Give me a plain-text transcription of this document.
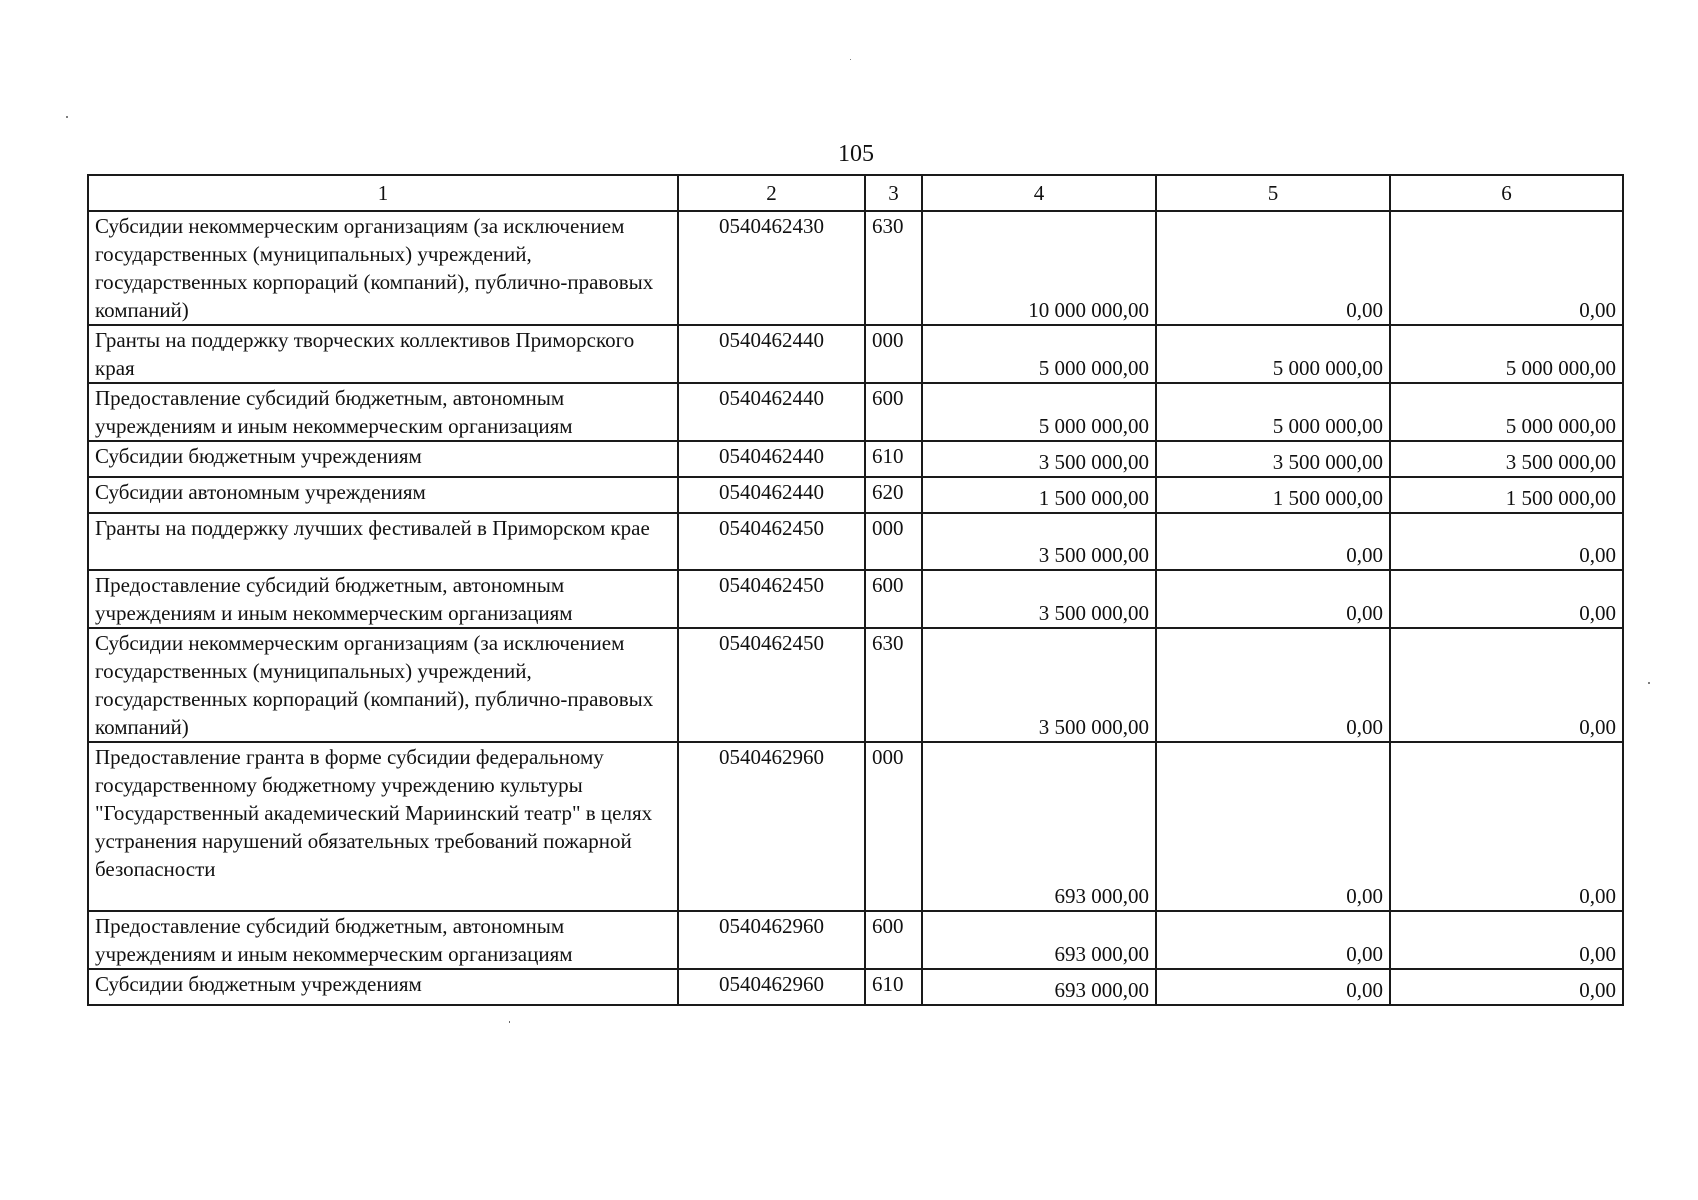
105
1	2	3	4	5	6
Субсидии некоммерческим организациям (за исключением государственных (муниципальных) учреждений, государственных корпораций (компаний), публично-правовых компаний)	0540462430	630	10 000 000,00	0,00	0,00
Гранты на поддержку творческих коллективов Приморского края	0540462440	000	5 000 000,00	5 000 000,00	5 000 000,00
Предоставление субсидий бюджетным, автономным учреждениям и иным некоммерческим организациям	0540462440	600	5 000 000,00	5 000 000,00	5 000 000,00
Субсидии бюджетным учреждениям	0540462440	610	3 500 000,00	3 500 000,00	3 500 000,00
Субсидии автономным учреждениям	0540462440	620	1 500 000,00	1 500 000,00	1 500 000,00
Гранты на поддержку лучших фестивалей в Приморском крае	0540462450	000	3 500 000,00	0,00	0,00
Предоставление субсидий бюджетным, автономным учреждениям и иным некоммерческим организациям	0540462450	600	3 500 000,00	0,00	0,00
Субсидии некоммерческим организациям (за исключением государственных (муниципальных) учреждений, государственных корпораций (компаний), публично-правовых компаний)	0540462450	630	3 500 000,00	0,00	0,00
Предоставление гранта в форме субсидии федеральному государственному бюджетному учреждению культуры "Государственный академический Мариинский театр" в целях устранения нарушений обязательных требований пожарной безопасности	0540462960	000	693 000,00	0,00	0,00
Предоставление субсидий бюджетным, автономным учреждениям и иным некоммерческим организациям	0540462960	600	693 000,00	0,00	0,00
Субсидии бюджетным учреждениям	0540462960	610	693 000,00	0,00	0,00
